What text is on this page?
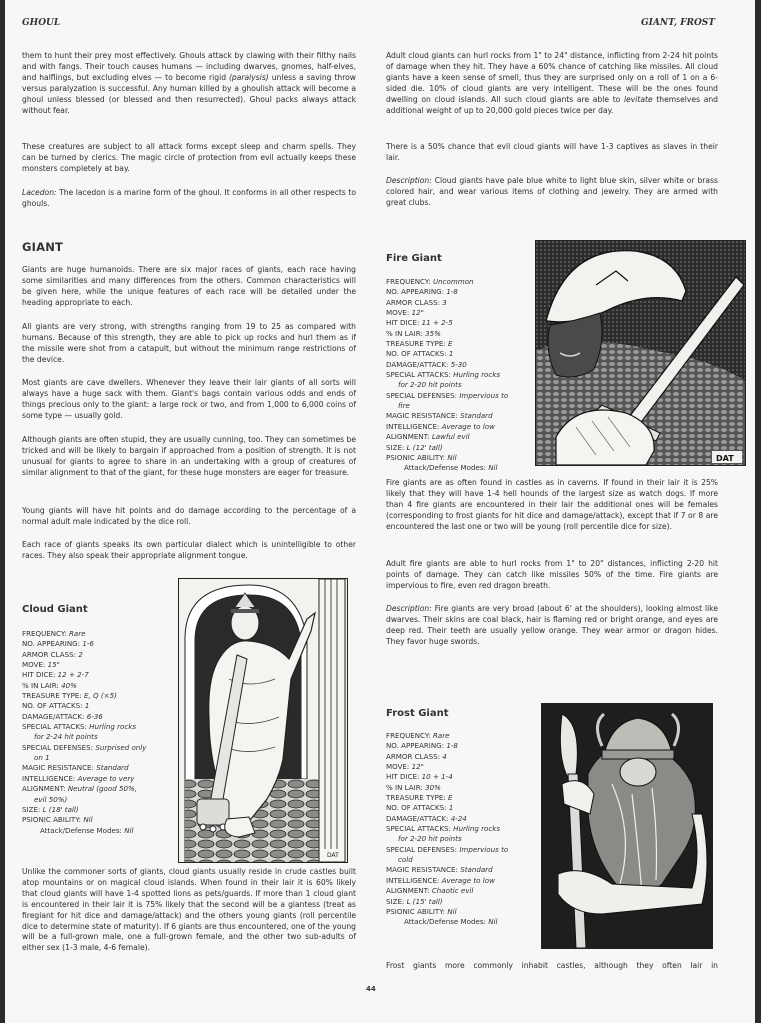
GHOUL	GIANT, FROST
them to hunt their prey most effectively. Ghouls attack by clawing with their filthy nails and with fangs. Their touch causes humans — including dwarves, gnomes, half-elves, and halflings, but excluding elves — to become rigid (paralysis) unless a saving throw versus paralyzation is successful. Any human killed by a ghoulish attack will become a ghoul unless blessed (or blessed and then resurrected). Ghoul packs always attack without fear.
These creatures are subject to all attack forms except sleep and charm spells. They can be turned by clerics. The magic circle of protection from evil actually keeps these monsters completely at bay.
Lacedon: The lacedon is a marine form of the ghoul. It conforms in all other respects to ghouls.
GIANT
Giants are huge humanoids. There are six major races of giants, each race having some similarities and many differences from the others. Common characteristics will be given here, while the unique features of each race will be detailed under the heading appropriate to each.
All giants are very strong, with strengths ranging from 19 to 25 as compared with humans. Because of this strength, they are able to pick up rocks and hurl them as if the missile were shot from a catapult, but without the minimum range restrictions of the device.
Most giants are cave dwellers. Whenever they leave their lair giants of all sorts will always have a huge sack with them. Giant's bags contain various odds and ends of things precious only to the giant: a large rock or two, and from 1,000 to 6,000 coins of some type — usually gold.
Although giants are often stupid, they are usually cunning, too. They can sometimes be tricked and will be likely to bargain if approached from a position of strength. It is not unusual for giants to agree to share in an undertaking with a group of creatures of similar alignment to that of the giant, for these huge monsters are eager for treasure.
Young giants will have hit points and do damage according to the percentage of a normal adult male indicated by the dice roll.
Each race of giants speaks its own particular dialect which is unintelligible to other races. They also speak their appropriate alignment tongue.
Cloud Giant
FREQUENCY: Rare
NO. APPEARING: 1-6
ARMOR CLASS: 2
MOVE: 15"
HIT DICE: 12 + 2-7
% IN LAIR: 40%
TREASURE TYPE: E, Q (×5)
NO. OF ATTACKS: 1
DAMAGE/ATTACK: 6-36
SPECIAL ATTACKS: Hurling rocks
for 2-24 hit points
SPECIAL DEFENSES: Surprised only
on 1
MAGIC RESISTANCE: Standard
INTELLIGENCE: Average to very
ALIGNMENT: Neutral (good 50%,
evil 50%)
SIZE: L (18' tall)
PSIONIC ABILITY: Nil
Attack/Defense Modes: Nil
DAT
Unlike the commoner sorts of giants, cloud giants usually reside in crude castles built atop mountains or on magical cloud islands. When found in their lair it is 60% likely that cloud giants will have 1-4 spotted lions as pets/guards. If more than 1 cloud giant is encountered in their lair it is 75% likely that the second will be a giantess (treat as firegiant for hit dice and damage/attack) and the others young giants (roll percentile dice to determine state of maturity). If 6 giants are thus encountered, one of the young will be a full-grown male, one a full-grown female, and the other two sub-adults of either sex (1-3 male, 4-6 female).
44
Adult cloud giants can hurl rocks from 1" to 24" distance, inflicting from 2-24 hit points of damage when they hit. They have a 60% chance of catching like missiles. All cloud giants have a keen sense of smell, thus they are surprised only on a roll of 1 on a 6-sided die. 10% of cloud giants are very intelligent. These will be the ones found dwelling on cloud islands. All such cloud giants are able to levitate themselves and additional weight of up to 20,000 gold pieces twice per day.
There is a 50% chance that evil cloud giants will have 1-3 captives as slaves in their lair.
Description: Cloud giants have pale blue white to light blue skin, silver white or brass colored hair, and wear various items of clothing and jewelry. They are armed with great clubs.
Fire Giant
FREQUENCY: Uncommon
NO. APPEARING: 1-8
ARMOR CLASS: 3
MOVE: 12"
HIT DICE: 11 + 2-5
% IN LAIR: 35%
TREASURE TYPE: E
NO. OF ATTACKS: 1
DAMAGE/ATTACK: 5-30
SPECIAL ATTACKS: Hurling rocks
for 2-20 hit points
SPECIAL DEFENSES: Impervious to
fire
MAGIC RESISTANCE: Standard
INTELLIGENCE: Average to low
ALIGNMENT: Lawful evil
SIZE: L (12' tall)
PSIONIC ABILITY: Nil
Attack/Defense Modes: Nil
DAT
Fire giants are as often found in castles as in caverns. If found in their lair it is 25% likely that they will have 1-4 hell hounds of the largest size as watch dogs. If more than 4 fire giants are encountered in their lair the additional ones will be females (corresponding to frost giants for hit dice and damage/attack), except that if 7 or 8 are encountered the last one or two will be young (roll percentile dice for size).
Adult fire giants are able to hurl rocks from 1" to 20" distances, inflicting 2-20 hit points of damage. They can catch like missiles 50% of the time. Fire giants are impervious to fire, even red dragon breath.
Description: Fire giants are very broad (about 6' at the shoulders), looking almost like dwarves. Their skins are coal black, hair is flaming red or bright orange, and eyes are deep red. Their teeth are usually yellow orange. They wear armor or dragon hides. They favor huge swords.
Frost Giant
FREQUENCY: Rare
NO. APPEARING: 1-8
ARMOR CLASS: 4
MOVE: 12"
HIT DICE: 10 + 1-4
% IN LAIR: 30%
TREASURE TYPE: E
NO. OF ATTACKS: 1
DAMAGE/ATTACK: 4-24
SPECIAL ATTACKS: Hurling rocks
for 2-20 hit points
SPECIAL DEFENSES: Impervious to
cold
MAGIC RESISTANCE: Standard
INTELLIGENCE: Average to low
ALIGNMENT: Chaotic evil
SIZE: L (15' tall)
PSIONIC ABILITY: Nil
Attack/Defense Modes: Nil
Frost giants more commonly inhabit castles, although they often lair in
